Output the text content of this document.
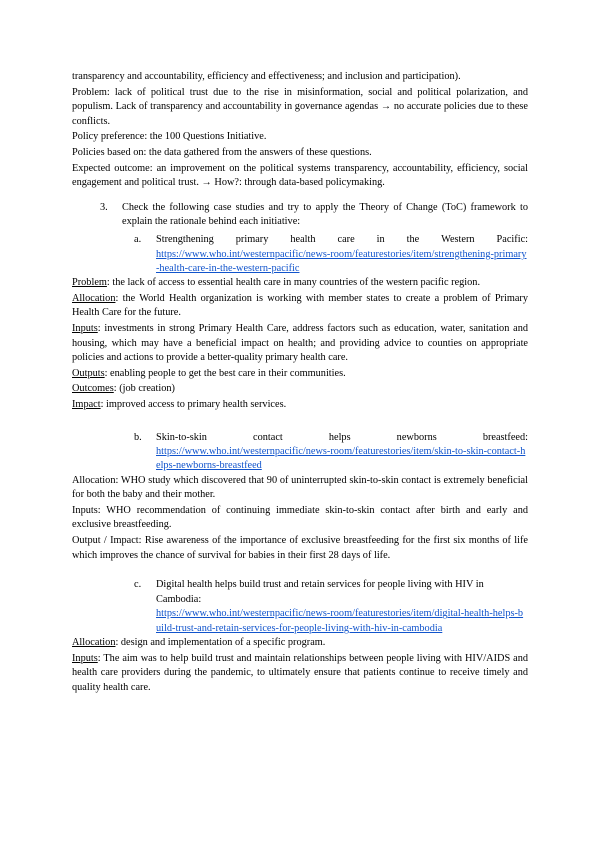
transparency and accountability, efficiency and effectiveness; and inclusion and participation).

Problem: lack of political trust due to the rise in misinformation, social and political polarization, and populism. Lack of transparency and accountability in governance agendas → no accurate policies due to these conflicts.

Policy preference: the 100 Questions Initiative.

Policies based on: the data gathered from the answers of these questions.

Expected outcome: an improvement on the political systems transparency, accountability, efficiency, social engagement and political trust. → How?: through data-based policymaking.

3.	Check the following case studies and try to apply the Theory of Change (ToC) framework to explain the rationale behind each initiative:
a.	Strengthening primary health care in the Western Pacific:
https://www.who.int/westernpacific/news-room/featurestories/item/strengthening-primary-health-care-in-the-western-pacific

Problem: the lack of access to essential health care in many countries of the western pacific region.

Allocation: the World Health organization is working with member states to create a problem of Primary Health Care for the future.

Inputs: investments in strong Primary Health Care, address factors such as education, water, sanitation and housing, which may have a beneficial impact on health; and providing advice to counties on appropriate policies and actions to provide a better-quality primary health care.

Outputs: enabling people to get the best care in their communities.

Outcomes: (job creation)

Impact: improved access to primary health services.

b.	Skin-to-skin contact helps newborns breastfeed:
https://www.who.int/westernpacific/news-room/featurestories/item/skin-to-skin-contact-helps-newborns-breastfeed

Allocation: WHO study which discovered that 90 of uninterrupted skin-to-skin contact is extremely beneficial for both the baby and their mother.

Inputs: WHO recommendation of continuing immediate skin-to-skin contact after birth and early and exclusive breastfeeding.

Output / Impact: Rise awareness of the importance of exclusive breastfeeding for the first six months of life which improves the chance of survival for babies in their first 28 days of life.

c.	Digital health helps build trust and retain services for people living with HIV in Cambodia:
https://www.who.int/westernpacific/news-room/featurestories/item/digital-health-helps-build-trust-and-retain-services-for-people-living-with-hiv-in-cambodia

Allocation: design and implementation of a specific program.

Inputs: The aim was to help build trust and maintain relationships between people living with HIV/AIDS and health care providers during the pandemic, to ultimately ensure that patients continue to receive timely and quality health care.
